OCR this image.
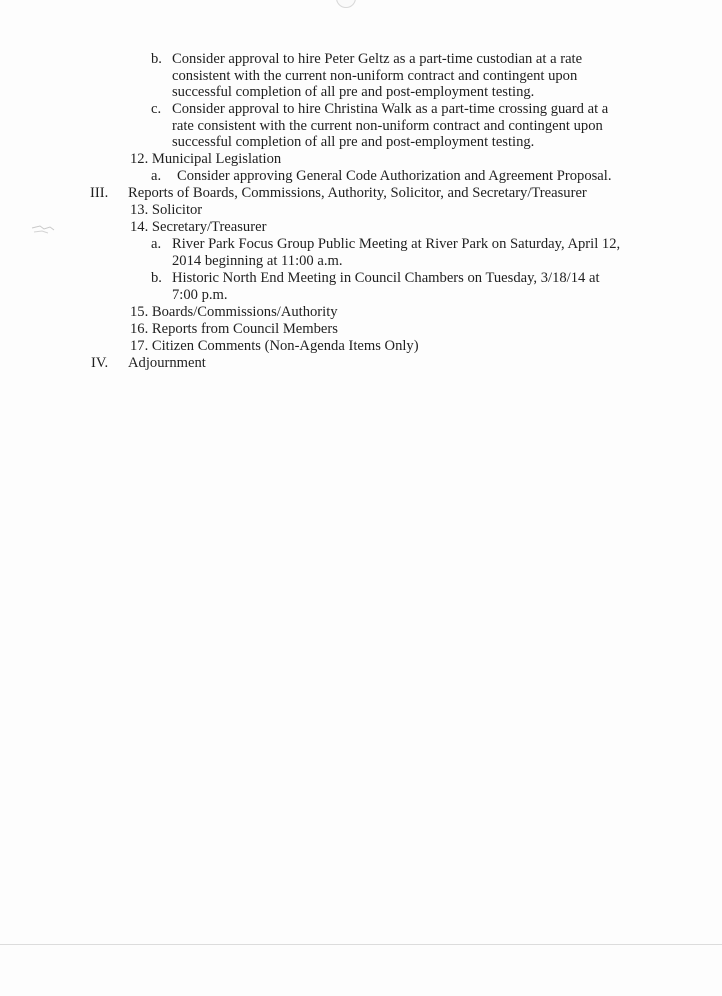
b. Consider approval to hire Peter Geltz as a part-time custodian at a rate
consistent with the current non-uniform contract and contingent upon
successful completion of all pre and post-employment testing.
c. Consider approval to hire Christina Walk as a part-time crossing guard at a
rate consistent with the current non-uniform contract and contingent upon
successful completion of all pre and post-employment testing.
12. Municipal Legislation
a. Consider approving General Code Authorization and Agreement Proposal.
III. Reports of Boards, Commissions, Authority, Solicitor, and Secretary/Treasurer
13. Solicitor
14. Secretary/Treasurer
a. River Park Focus Group Public Meeting at River Park on Saturday, April 12,
2014 beginning at 11:00 a.m.
b. Historic North End Meeting in Council Chambers on Tuesday, 3/18/14 at
7:00 p.m.
15. Boards/Commissions/Authority
16. Reports from Council Members
17. Citizen Comments (Non-Agenda Items Only)
IV. Adjournment
